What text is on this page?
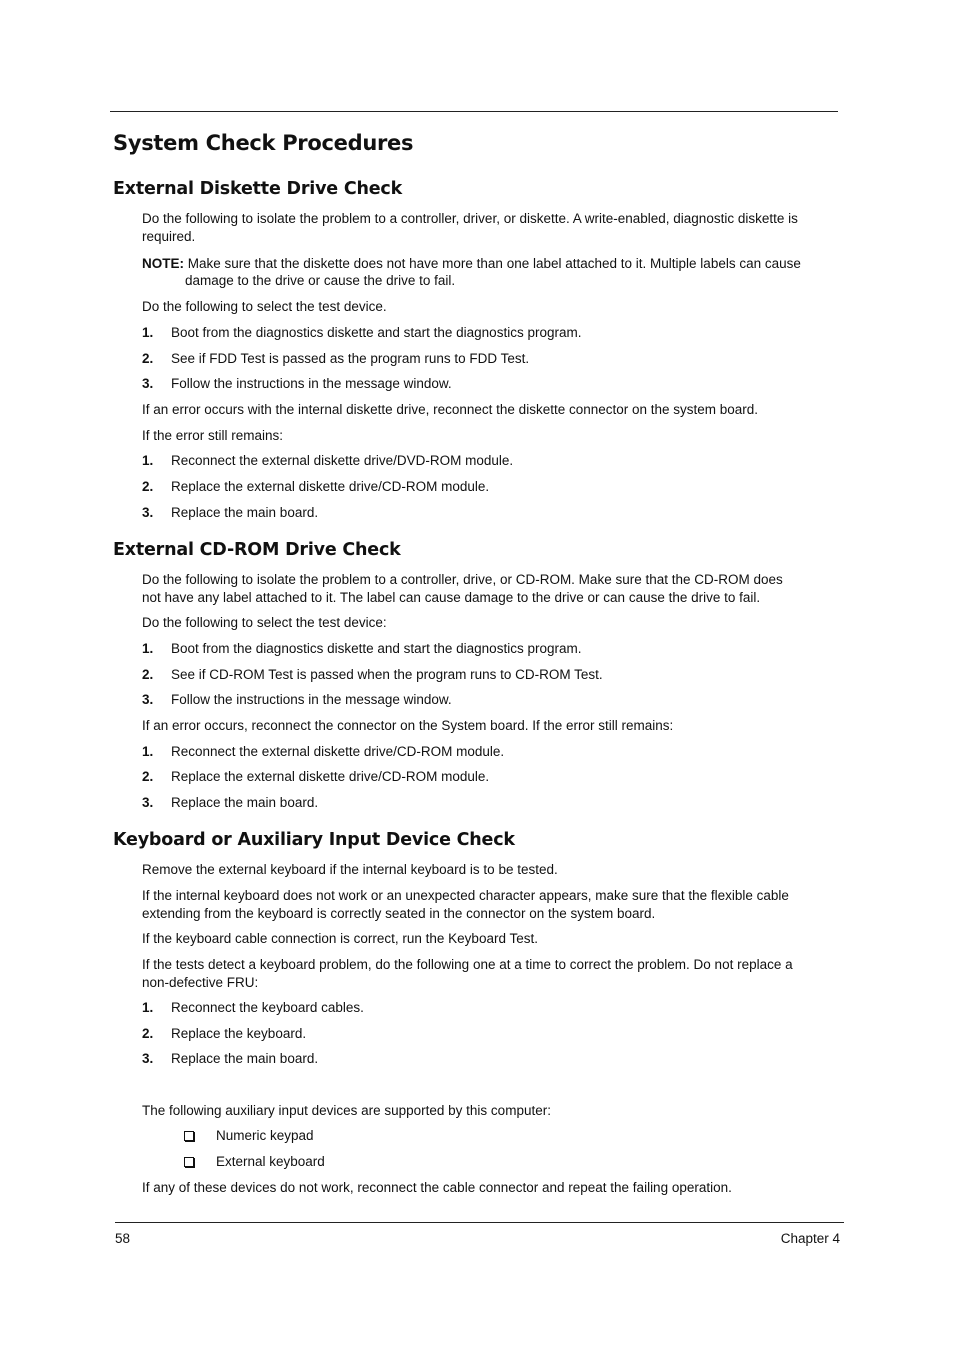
System Check Procedures
External Diskette Drive Check
Do the following to isolate the problem to a controller, driver, or diskette. A write-enabled, diagnostic diskette is
required.
NOTE: Make sure that the diskette does not have more than one label attached to it. Multiple labels can cause
damage to the drive or cause the drive to fail.
Do the following to select the test device.
1. Boot from the diagnostics diskette and start the diagnostics program.
2. See if FDD Test is passed as the program runs to FDD Test.
3. Follow the instructions in the message window.
If an error occurs with the internal diskette drive, reconnect the diskette connector on the system board.
If the error still remains:
1. Reconnect the external diskette drive/DVD-ROM module.
2. Replace the external diskette drive/CD-ROM module.
3. Replace the main board.
External CD-ROM Drive Check
Do the following to isolate the problem to a controller, drive, or CD-ROM. Make sure that the CD-ROM does
not have any label attached to it. The label can cause damage to the drive or can cause the drive to fail.
Do the following to select the test device:
1. Boot from the diagnostics diskette and start the diagnostics program.
2. See if CD-ROM Test is passed when the program runs to CD-ROM Test.
3. Follow the instructions in the message window.
If an error occurs, reconnect the connector on the System board. If the error still remains:
1. Reconnect the external diskette drive/CD-ROM module.
2. Replace the external diskette drive/CD-ROM module.
3. Replace the main board.
Keyboard or Auxiliary Input Device Check
Remove the external keyboard if the internal keyboard is to be tested.
If the internal keyboard does not work or an unexpected character appears, make sure that the flexible cable
extending from the keyboard is correctly seated in the connector on the system board.
If the keyboard cable connection is correct, run the Keyboard Test.
If the tests detect a keyboard problem, do the following one at a time to correct the problem. Do not replace a
non-defective FRU:
1. Reconnect the keyboard cables.
2. Replace the keyboard.
3. Replace the main board.
The following auxiliary input devices are supported by this computer:
Numeric keypad
External keyboard
If any of these devices do not work, reconnect the cable connector and repeat the failing operation.
58	Chapter 4
